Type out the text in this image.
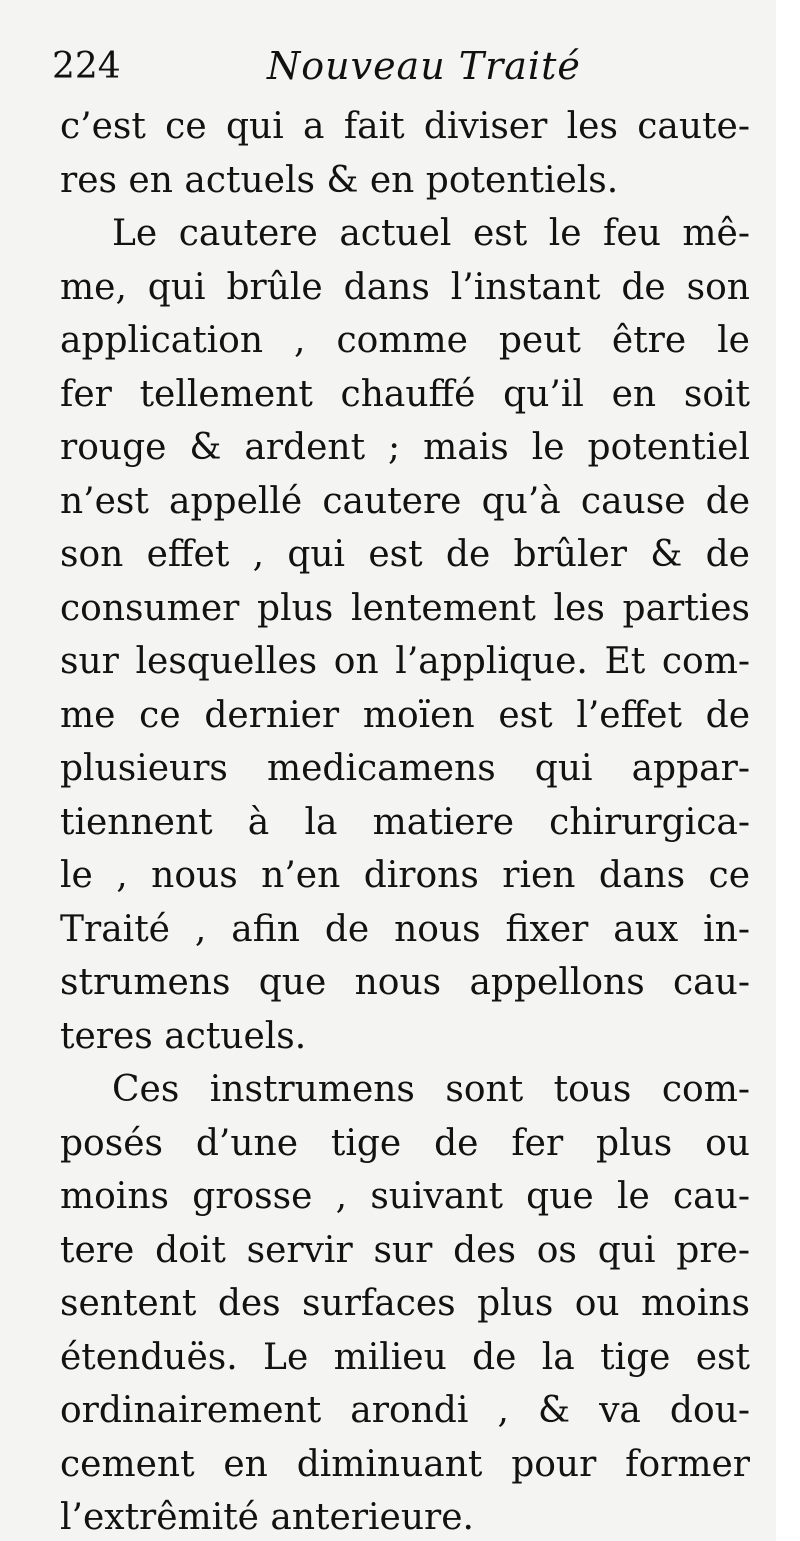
224	Nouveau Traité
c’est ce qui a fait diviser les caute-
res en actuels & en potentiels.
Le cautere actuel est le feu mê-
me, qui brûle dans l’instant de son
application , comme peut être le
fer tellement chauffé qu’il en soit
rouge & ardent ; mais le potentiel
n’est appellé cautere qu’à cause de
son effet , qui est de brûler & de
consumer plus lentement les parties
sur lesquelles on l’applique. Et com-
me ce dernier moïen est l’effet de
plusieurs medicamens qui appar-
tiennent à la matiere chirurgica-
le , nous n’en dirons rien dans ce
Traité , afin de nous fixer aux in-
strumens que nous appellons cau-
teres actuels.
Ces instrumens sont tous com-
posés d’une tige de fer plus ou
moins grosse , suivant que le cau-
tere doit servir sur des os qui pre-
sentent des surfaces plus ou moins
étenduës. Le milieu de la tige est
ordinairement arondi , & va dou-
cement en diminuant pour former
l’extrêmité anterieure.
